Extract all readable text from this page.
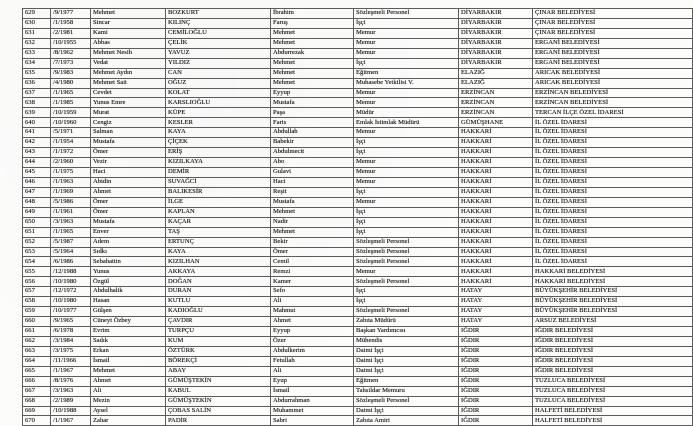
629	/9/1977	Mehmet	BOZKURT	İbrahim	Sözleşmeli Personel	DİYARBAKIR	ÇINAR BELEDİYESİ
630	/1/1958	Sincar	KILINÇ	Faruş	İşçi	DİYARBAKIR	ÇINAR BELEDİYESİ
631	/2/1981	Kami	CEMİLOĞLU	Mehmet	Memur	DİYARBAKIR	ÇINAR BELEDİYESİ
632	/10/1955	Abbas	ÇELİK	Mehmet	Memur	DİYARBAKIR	ERGANİ BELEDİYESİ
633	/8/1962	Mehmet Nesih	YAVUZ	Abdurrezak	Memur	DİYARBAKIR	ERGANİ BELEDİYESİ
634	/7/1973	Vedat	YILDIZ	Mehmet	İşçi	DİYARBAKIR	ERGANİ BELEDİYESİ
635	/9/1983	Mehmet Aydın	CAN	Mehmet	Eğitmen	ELAZIĞ	ARICAK BELEDİYESİ
636	/4/1980	Mehmet Sait	OĞUZ	Mehmet	Muhasebe Yetkilisi V.	ELAZIĞ	ARICAK BELEDİYESİ
637	/1/1965	Cevdet	KOLAT	Eyyup	Memur	ERZİNCAN	ERZİNCAN BELEDİYESİ
638	/1/1985	Yunus Emre	KARSLIOĞLU	Mustafa	Memur	ERZİNCAN	ERZİNCAN BELEDİYESİ
639	/10/1959	Murat	KÜPE	Paşa	Müdür	ERZİNCAN	TERCAN İLÇE ÖZEL İDARESİ
640	/10/1960	Cengiz	KESLER	Faris	Emlak İstimlak Müdürü	GÜMÜŞHANE	İL ÖZEL İDARESİ
641	/5/1971	Salman	KAYA	Abdullah	Memur	HAKKARİ	İL ÖZEL İDARESİ
642	/1/1954	Mustafa	ÇİÇEK	Babekir	İşçi	HAKKARİ	İL ÖZEL İDARESİ
643	/1/1972	Ömer	ERİŞ	Abdulmecit	İşçi	HAKKARİ	İL ÖZEL İDARESİ
644	/2/1960	Vezir	KIZILKAYA	Abo	Memur	HAKKARİ	İL ÖZEL İDARESİ
645	/1/1975	Haci	DEMİR	Gulavi	Memur	HAKKARİ	İL ÖZEL İDARESİ
646	/1/1963	Abidin	SUVAĞCİ	Haci	Memur	HAKKARİ	İL ÖZEL İDARESİ
647	/1/1969	Ahmet	BALIKESİR	Reşit	İşçi	HAKKARİ	İL ÖZEL İDARESİ
648	/5/1986	Ömer	İLGE	Mustafa	Memur	HAKKARİ	İL ÖZEL İDARESİ
649	/1/1961	Ömer	KAPLAN	Mehmet	İşçi	HAKKARİ	İL ÖZEL İDARESİ
650	/3/1963	Mustafa	KAÇAR	Nadir	İşçi	HAKKARİ	İL ÖZEL İDARESİ
651	/1/1965	Enver	TAŞ	Mehmet	İşçi	HAKKARİ	İL ÖZEL İDARESİ
652	/5/1987	Adem	ERTUNÇ	Bekir	Sözleşmeli Personel	HAKKARİ	İL ÖZEL İDARESİ
653	/5/1964	Sıdkı	KAYA	Ömer	Sözleşmeli Personel	HAKKARİ	İL ÖZEL İDARESİ
654	/6/1986	Sebahattin	KIZILHAN	Cemil	Sözleşmeli Personel	HAKKARİ	İL ÖZEL İDARESİ
655	/12/1988	Yunus	AKKAYA	Remzi	Memur	HAKKARİ	HAKKARİ BELEDİYESİ
656	/10/1980	Özgül	DOĞAN	Kamer	Sözleşmeli Personel	HAKKARİ	HAKKARİ BELEDİYESİ
657	/12/1972	Abdulhalik	DURAN	Sefo	İşçi	HATAY	BÜYÜKŞEHİR BELEDİYESİ
658	/10/1980	Hasan	KUTLU	Ali	İşçi	HATAY	BÜYÜKŞEHİR BELEDİYESİ
659	/10/1977	Gülşen	KADIOĞLU	Mahmut	Sözleşmeli Personel	HATAY	BÜYÜKŞEHİR BELEDİYESİ
660	/9/1965	Cüneyt Özbey	ÇAVDIR	Ahmet	Zabıta Müdürü	HATAY	ARSUZ BELEDİYESİ
661	/6/1978	Evrim	TURPÇU	Eyyup	Başkan Yardımcısı	IĞDIR	IĞDIR BELEDİYESİ
662	/3/1984	Sadık	KUM	Özer	Mühendis	IĞDIR	IĞDIR BELEDİYESİ
663	/3/1975	Erkan	ÖZTÜRK	Abdulkerim	Daimi İşçi	IĞDIR	IĞDIR BELEDİYESİ
664	/11/1966	İsmail	BÖREKÇİ	Fetullah	Daimi İşçi	IĞDIR	IĞDIR BELEDİYESİ
665	/1/1967	Mehmet	ABAY	Ali	Daimi İşçi	IĞDIR	IĞDIR BELEDİYESİ
666	/8/1976	Ahmet	GÜMÜŞTEKİN	Eyup	Eğitmen	IĞDIR	TUZLUCA BELEDİYESİ
667	/3/1963	Ali	KABUL	İsmail	Tahsildar Memuru	IĞDIR	TUZLUCA BELEDİYESİ
668	/2/1989	Mezin	GÜMÜŞTEKİN	Abdurrahman	Sözleşmeli Personel	IĞDIR	TUZLUCA BELEDİYESİ
669	/10/1988	Aysel	ÇOBAS SALİN	Muhammet	Daimi İşçi	IĞDIR	HALFETİ BELEDİYESİ
670	/1/1967	Zahar	PADİR	Sabri	Zabıta Amiri	IĞDIR	HALFETİ BELEDİYESİ
